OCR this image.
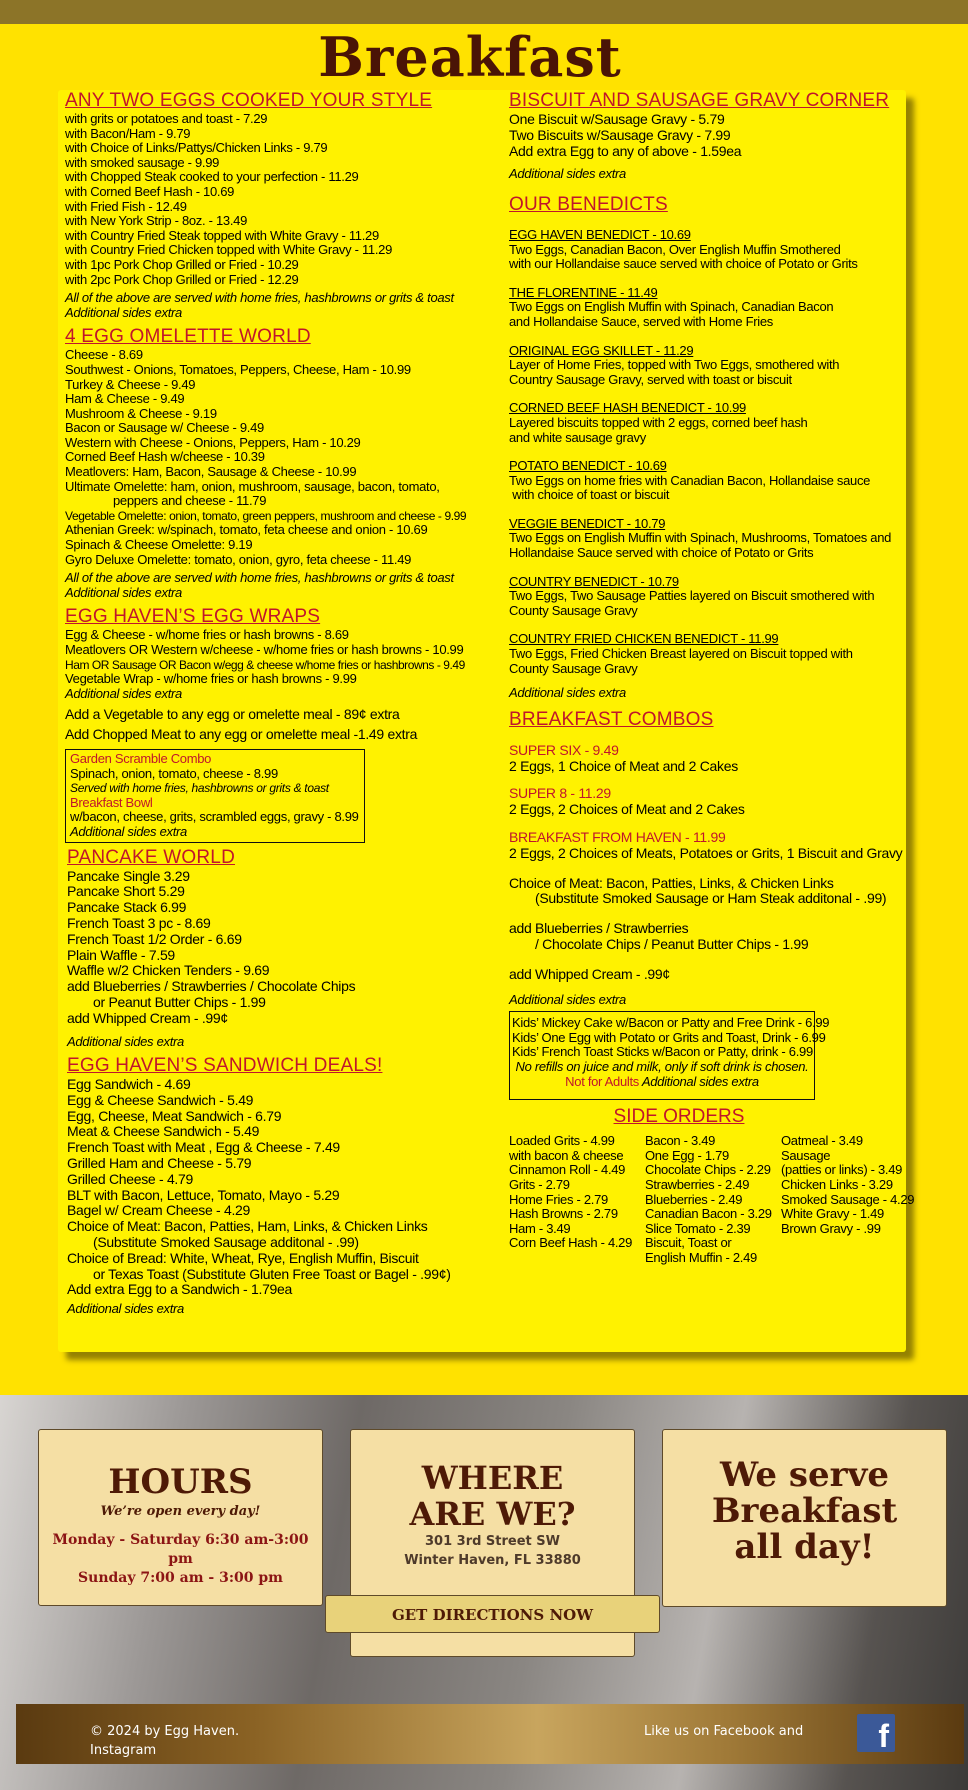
Breakfast
ANY TWO EGGS COOKED YOUR STYLE
with grits or potatoes and toast - 7.29
with Bacon/Ham - 9.79
with Choice of Links/Pattys/Chicken Links - 9.79
with smoked sausage - 9.99
with Chopped Steak cooked to your perfection - 11.29
with Corned Beef Hash - 10.69
with Fried Fish - 12.49
with New York Strip - 8oz. - 13.49
with Country Fried Steak topped with White Gravy - 11.29
with Country Fried Chicken topped with White Gravy - 11.29
with 1pc Pork Chop Grilled or Fried - 10.29
with 2pc Pork Chop Grilled or Fried - 12.29
All of the above are served with home fries, hashbrowns or grits & toast
Additional sides extra
4 EGG OMELETTE WORLD
Cheese - 8.69
Southwest - Onions, Tomatoes, Peppers, Cheese, Ham - 10.99
Turkey & Cheese - 9.49
Ham & Cheese - 9.49
Mushroom & Cheese - 9.19
Bacon or Sausage w/ Cheese - 9.49
Western with Cheese - Onions, Peppers, Ham - 10.29
Corned Beef Hash w/cheese - 10.39
Meatlovers: Ham, Bacon, Sausage & Cheese - 10.99
Ultimate Omelette: ham, onion, mushroom, sausage, bacon, tomato,
peppers and cheese - 11.79
Vegetable Omelette: onion, tomato, green peppers, mushroom and cheese - 9.99
Athenian Greek: w/spinach, tomato, feta cheese and onion - 10.69
Spinach & Cheese Omelette: 9.19
Gyro Deluxe Omelette: tomato, onion, gyro, feta cheese - 11.49
All of the above are served with home fries, hashbrowns or grits & toast
Additional sides extra
EGG HAVEN’S EGG WRAPS
Egg & Cheese - w/home fries or hash browns - 8.69
Meatlovers OR Western w/cheese - w/home fries or hash browns - 10.99
Ham OR Sausage OR Bacon w/egg & cheese w/home fries or hashbrowns - 9.49
Vegetable Wrap - w/home fries or hash browns - 9.99
Additional sides extra
Add a Vegetable to any egg or omelette meal - 89¢ extra
Add Chopped Meat to any egg or omelette meal -1.49 extra
Garden Scramble Combo
Spinach, onion, tomato, cheese - 8.99
Served with home fries, hashbrowns or grits & toast
Breakfast Bowl
w/bacon, cheese, grits, scrambled eggs, gravy - 8.99
Additional sides extra
PANCAKE WORLD
Pancake Single 3.29
Pancake Short 5.29
Pancake Stack 6.99
French Toast 3 pc - 8.69
French Toast 1/2 Order - 6.69
Plain Waffle - 7.59
Waffle w/2 Chicken Tenders - 9.69
add Blueberries / Strawberries / Chocolate Chips
or Peanut Butter Chips - 1.99
add Whipped Cream - .99¢
Additional sides extra
EGG HAVEN’S SANDWICH DEALS!
Egg Sandwich - 4.69
Egg & Cheese Sandwich - 5.49
Egg, Cheese, Meat Sandwich - 6.79
Meat & Cheese Sandwich - 5.49
French Toast with Meat , Egg & Cheese - 7.49
Grilled Ham and Cheese - 5.79
Grilled Cheese - 4.79
BLT with Bacon, Lettuce, Tomato, Mayo - 5.29
Bagel w/ Cream Cheese - 4.29
Choice of Meat: Bacon, Patties, Ham, Links, & Chicken Links
(Substitute Smoked Sausage additonal - .99)
Choice of Bread: White, Wheat, Rye, English Muffin, Biscuit
or Texas Toast (Substitute Gluten Free Toast or Bagel - .99¢)
Add extra Egg to a Sandwich - 1.79ea
Additional sides extra
BISCUIT AND SAUSAGE GRAVY CORNER
One Biscuit w/Sausage Gravy - 5.79
Two Biscuits w/Sausage Gravy - 7.99
Add extra Egg to any of above - 1.59ea
Additional sides extra
OUR BENEDICTS
EGG HAVEN BENEDICT - 10.69
Two Eggs, Canadian Bacon, Over English Muffin Smothered
with our Hollandaise sauce served with choice of Potato or Grits
THE FLORENTINE - 11.49
Two Eggs on English Muffin with Spinach, Canadian Bacon
and Hollandaise Sauce, served with Home Fries
ORIGINAL EGG SKILLET - 11.29
Layer of Home Fries, topped with Two Eggs, smothered with
Country Sausage Gravy, served with toast or biscuit
CORNED BEEF HASH BENEDICT - 10.99
Layered biscuits topped with 2 eggs, corned beef hash
and white sausage gravy
POTATO BENEDICT - 10.69
Two Eggs on home fries with Canadian Bacon, Hollandaise sauce
with choice of toast or biscuit
VEGGIE BENEDICT - 10.79
Two Eggs on English Muffin with Spinach, Mushrooms, Tomatoes and
Hollandaise Sauce served with choice of Potato or Grits
COUNTRY BENEDICT - 10.79
Two Eggs, Two Sausage Patties layered on Biscuit smothered with
County Sausage Gravy
COUNTRY FRIED CHICKEN BENEDICT - 11.99
Two Eggs, Fried Chicken Breast layered on Biscuit topped with
County Sausage Gravy
Additional sides extra
BREAKFAST COMBOS
SUPER SIX - 9.49
2 Eggs, 1 Choice of Meat and 2 Cakes
SUPER 8 - 11.29
2 Eggs, 2 Choices of Meat and 2 Cakes
BREAKFAST FROM HAVEN - 11.99
2 Eggs, 2 Choices of Meats, Potatoes or Grits, 1 Biscuit and Gravy
Choice of Meat: Bacon, Patties, Links, & Chicken Links
(Substitute Smoked Sausage or Ham Steak additonal - .99)
add Blueberries / Strawberries
/ Chocolate Chips / Peanut Butter Chips - 1.99
add Whipped Cream - .99¢
Additional sides extra
Kids’ Mickey Cake w/Bacon or Patty and Free Drink - 6.99
Kids’ One Egg with Potato or Grits and Toast, Drink - 6.99
Kids’ French Toast Sticks w/Bacon or Patty, drink - 6.99
No refills on juice and milk, only if soft drink is chosen.
Not for Adults Additional sides extra
SIDE ORDERS
Loaded Grits - 4.99
with bacon & cheese
Cinnamon Roll - 4.49
Grits - 2.79
Home Fries - 2.79
Hash Browns - 2.79
Ham - 3.49
Corn Beef Hash - 4.29
Bacon - 3.49
One Egg - 1.79
Chocolate Chips - 2.29
Strawberries - 2.49
Blueberries - 2.49
Canadian Bacon - 3.29
Slice Tomato - 2.39
Biscuit, Toast or
English Muffin - 2.49
Oatmeal - 3.49
Sausage
(patties or links) - 3.49
Chicken Links - 3.29
Smoked Sausage - 4.29
White Gravy - 1.49
Brown Gravy - .99
HOURS
We’re open every day!
Monday - Saturday 6:30 am-3:00 pm
Sunday 7:00 am - 3:00 pm
WHERE
ARE WE?
301 3rd Street SW
Winter Haven, FL 33880
GET DIRECTIONS NOW
We serve
Breakfast
all day!
© 2024 by Egg Haven.
Instagram
Like us on Facebook and	f
